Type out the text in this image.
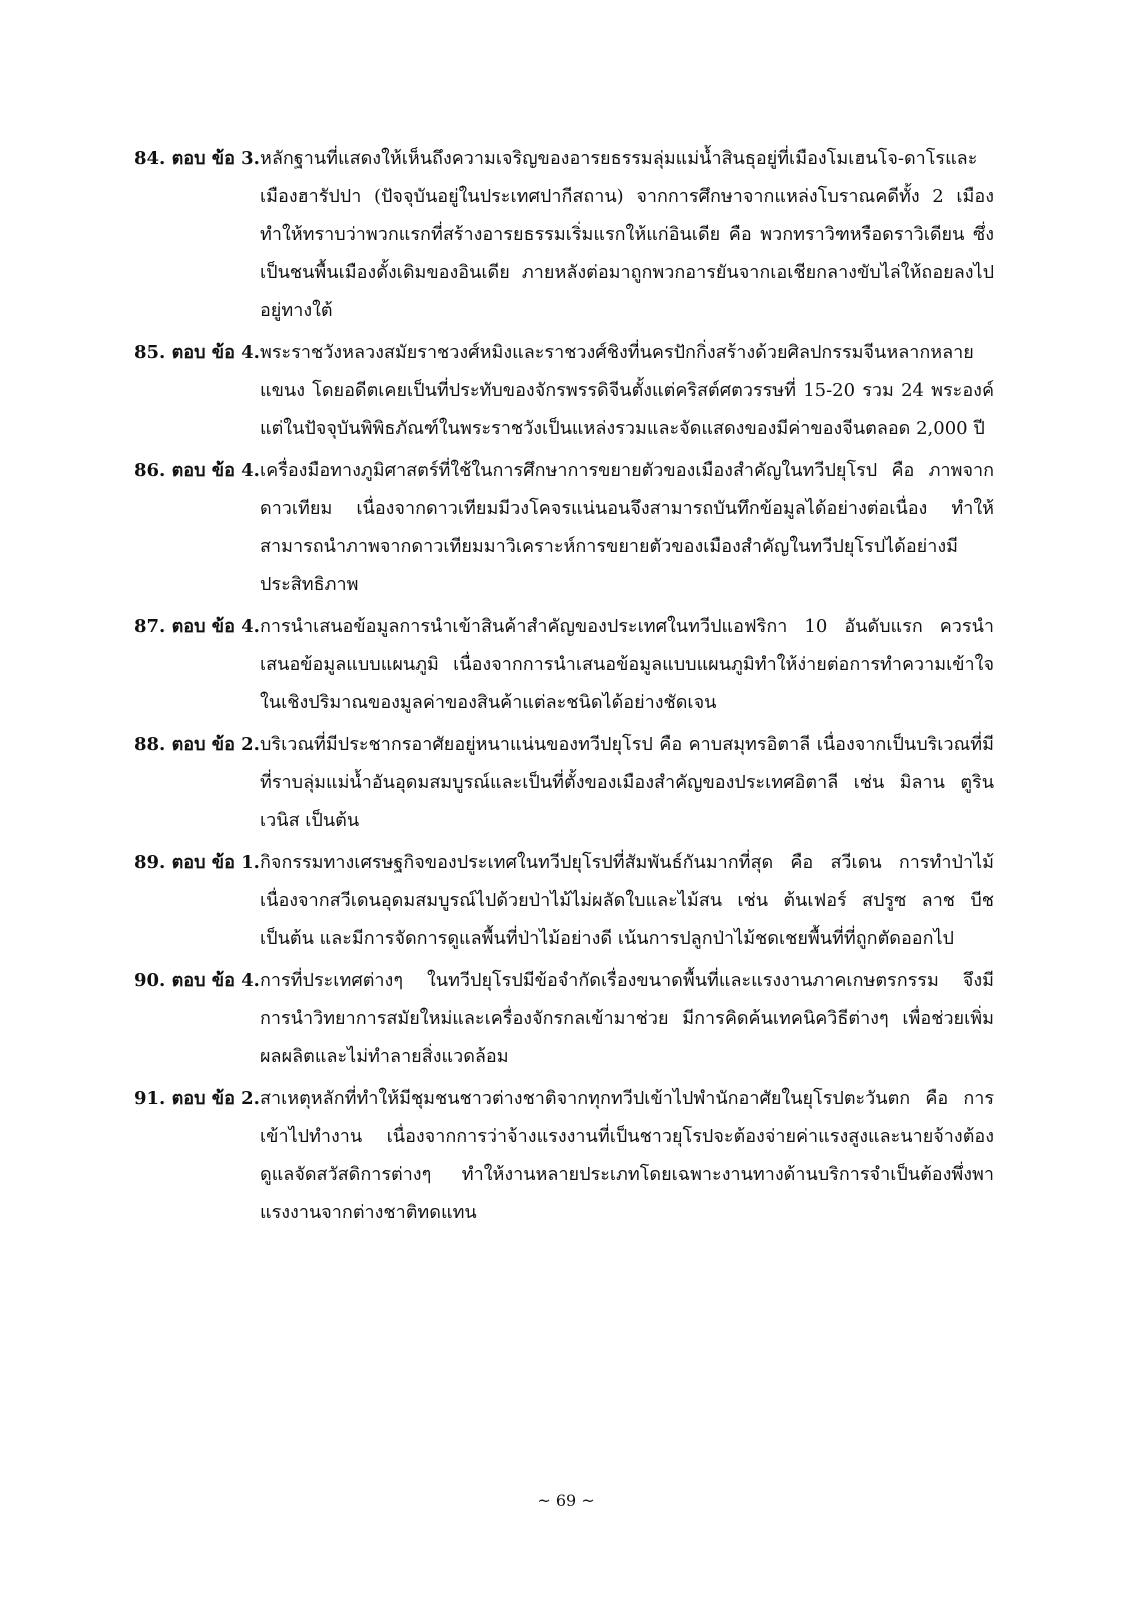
84. ตอบ ข้อ 3. หลักฐานที่แสดงให้เห็นถึงความเจริญของอารยธรรมลุ่มแม่น้ำสินธุอยู่ที่เมืองโมเฮนโจ-ดาโรและเมืองฮารัปปา (ปัจจุบันอยู่ในประเทศปากีสถาน) จากการศึกษาจากแหล่งโบราณคดีทั้ง 2 เมืองทำให้ทราบว่าพวกแรกที่สร้างอารยธรรมเริ่มแรกให้แก่อินเดีย คือ พวกทราวิฑหรือดราวิเดียน ซึ่งเป็นชนพื้นเมืองดั้งเดิมของอินเดีย ภายหลังต่อมาถูกพวกอารยันจากเอเชียกลางขับไล่ให้ถอยลงไปอยู่ทางใต้
85. ตอบ ข้อ 4. พระราชวังหลวงสมัยราชวงศ์หมิงและราชวงศ์ชิงที่นครปักกิ่งสร้างด้วยศิลปกรรมจีนหลากหลายแขนง โดยอดีตเคยเป็นที่ประทับของจักรพรรดิจีนตั้งแต่คริสต์ศตวรรษที่ 15-20 รวม 24 พระองค์ แต่ในปัจจุบันพิพิธภัณฑ์ในพระราชวังเป็นแหล่งรวมและจัดแสดงของมีค่าของจีนตลอด 2,000 ปี
86. ตอบ ข้อ 4. เครื่องมือทางภูมิศาสตร์ที่ใช้ในการศึกษาการขยายตัวของเมืองสำคัญในทวีปยุโรป คือ ภาพจากดาวเทียม เนื่องจากดาวเทียมมีวงโคจรแน่นอนจึงสามารถบันทึกข้อมูลได้อย่างต่อเนื่อง ทำให้สามารถนำภาพจากดาวเทียมมาวิเคราะห์การขยายตัวของเมืองสำคัญในทวีปยุโรปได้อย่างมีประสิทธิภาพ
87. ตอบ ข้อ 4. การนำเสนอข้อมูลการนำเข้าสินค้าสำคัญของประเทศในทวีปแอฟริกา 10 อันดับแรก ควรนำเสนอข้อมูลแบบแผนภูมิ เนื่องจากการนำเสนอข้อมูลแบบแผนภูมิทำให้ง่ายต่อการทำความเข้าใจในเชิงปริมาณของมูลค่าของสินค้าแต่ละชนิดได้อย่างชัดเจน
88. ตอบ ข้อ 2. บริเวณที่มีประชากรอาศัยอยู่หนาแน่นของทวีปยุโรป คือ คาบสมุทรอิตาลี เนื่องจากเป็นบริเวณที่มีที่ราบลุ่มแม่น้ำอันอุดมสมบูรณ์และเป็นที่ตั้งของเมืองสำคัญของประเทศอิตาลี เช่น มิลาน ตูริน เวนิส เป็นต้น
89. ตอบ ข้อ 1. กิจกรรมทางเศรษฐกิจของประเทศในทวีปยุโรปที่สัมพันธ์กันมากที่สุด คือ สวีเดน การทำป่าไม้ เนื่องจากสวีเดนอุดมสมบูรณ์ไปด้วยป่าไม้ไม่ผลัดใบและไม้สน เช่น ต้นเฟอร์ สปรูซ ลาช บีช เป็นต้น และมีการจัดการดูแลพื้นที่ป่าไม้อย่างดี เน้นการปลูกป่าไม้ชดเชยพื้นที่ที่ถูกตัดออกไป
90. ตอบ ข้อ 4. การที่ประเทศต่างๆ ในทวีปยุโรปมีข้อจำกัดเรื่องขนาดพื้นที่และแรงงานภาคเกษตรกรรม จึงมีการนำวิทยาการสมัยใหม่และเครื่องจักรกลเข้ามาช่วย มีการคิดค้นเทคนิควิธีต่างๆ เพื่อช่วยเพิ่มผลผลิตและไม่ทำลายสิ่งแวดล้อม
91. ตอบ ข้อ 2. สาเหตุหลักที่ทำให้มีชุมชนชาวต่างชาติจากทุกทวีปเข้าไปพำนักอาศัยในยุโรปตะวันตก คือ การเข้าไปทำงาน เนื่องจากการว่าจ้างแรงงานที่เป็นชาวยุโรปจะต้องจ่ายค่าแรงสูงและนายจ้างต้องดูแลจัดสวัสดิการต่างๆ ทำให้งานหลายประเภทโดยเฉพาะงานทางด้านบริการจำเป็นต้องพึ่งพาแรงงานจากต่างชาติทดแทน
~ 69 ~
